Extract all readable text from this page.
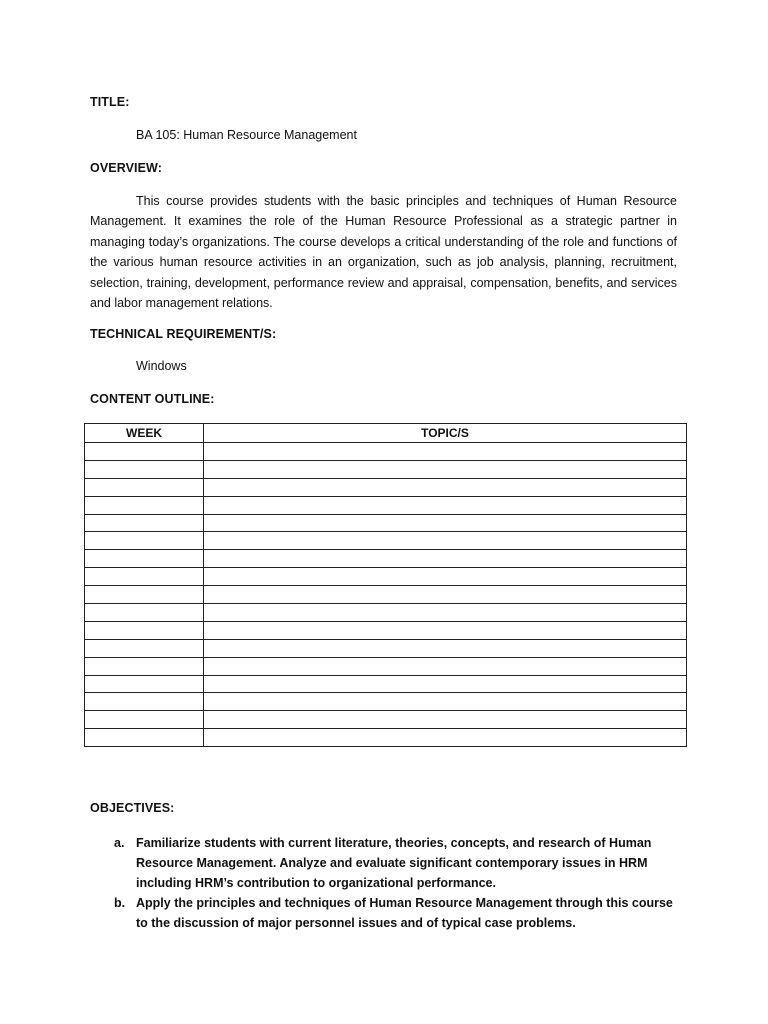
TITLE:
BA 105: Human Resource Management
OVERVIEW:

This course provides students with the basic principles and techniques of Human Resource Management. It examines the role of the Human Resource Professional as a strategic partner in managing today’s organizations. The course develops a critical understanding of the role and functions of the various human resource activities in an organization, such as job analysis, planning, recruitment, selection, training, development, performance review and appraisal, compensation, benefits, and services and labor management relations.

TECHNICAL REQUIREMENT/S:
Windows
CONTENT OUTLINE:
WEEK	TOPIC/S

OBJECTIVES:
a. Familiarize students with current literature, theories, concepts, and research of Human Resource Management. Analyze and evaluate significant contemporary issues in HRM including HRM’s contribution to organizational performance.
b. Apply the principles and techniques of Human Resource Management through this course to the discussion of major personnel issues and of typical case problems.
